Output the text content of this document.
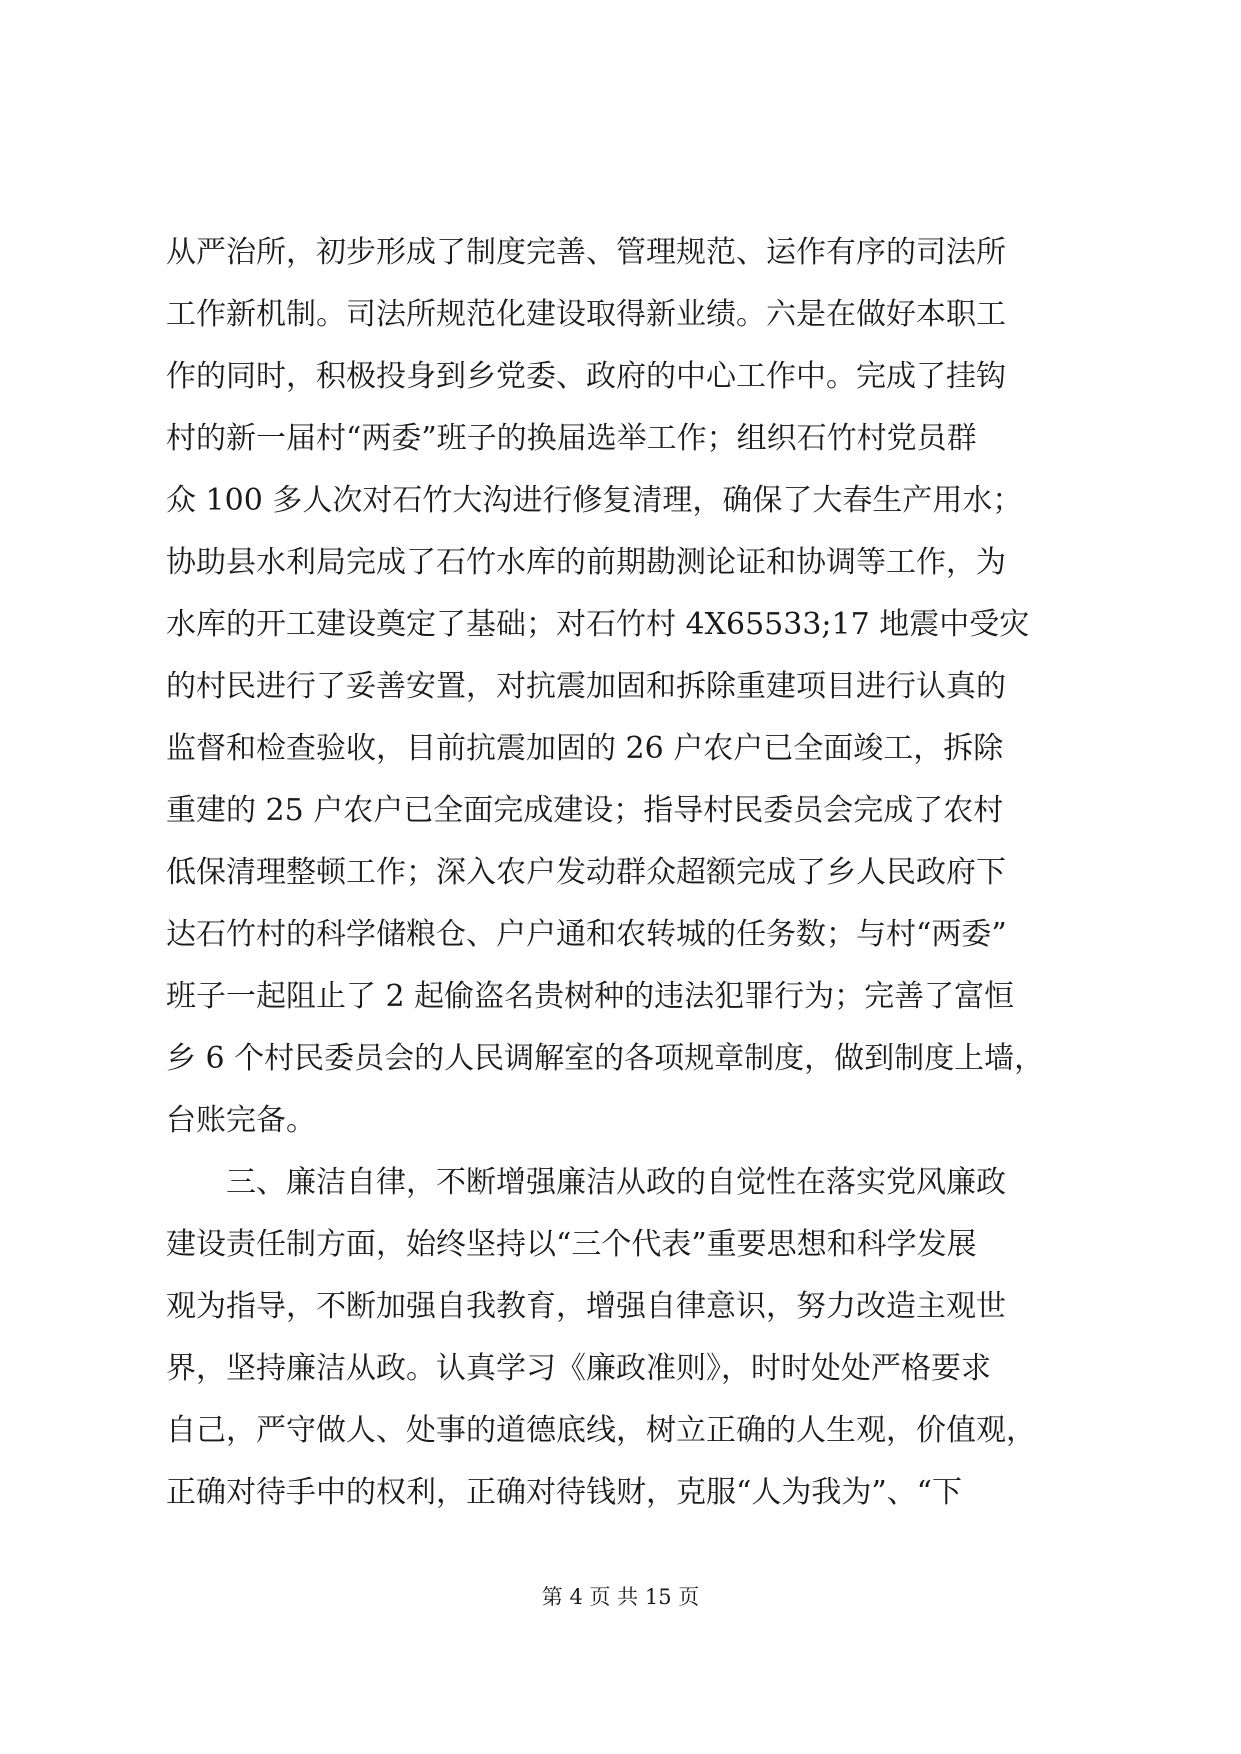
从严治所，初步形成了制度完善、管理规范、运作有序的司法所
工作新机制。司法所规范化建设取得新业绩。六是在做好本职工
作的同时，积极投身到乡党委、政府的中心工作中。完成了挂钩
村的新一届村“两委”班子的换届选举工作；组织石竹村党员群
众 100 多人次对石竹大沟进行修复清理，确保了大春生产用水；
协助县水利局完成了石竹水库的前期勘测论证和协调等工作，为
水库的开工建设奠定了基础；对石竹村 4X65533;17 地震中受灾
的村民进行了妥善安置，对抗震加固和拆除重建项目进行认真的
监督和检查验收，目前抗震加固的 26 户农户已全面竣工，拆除
重建的 25 户农户已全面完成建设；指导村民委员会完成了农村
低保清理整顿工作；深入农户发动群众超额完成了乡人民政府下
达石竹村的科学储粮仓、户户通和农转城的任务数；与村“两委”
班子一起阻止了 2 起偷盗名贵树种的违法犯罪行为；完善了富恒
乡 6 个村民委员会的人民调解室的各项规章制度，做到制度上墙，
台账完备。
三、廉洁自律，不断增强廉洁从政的自觉性在落实党风廉政
建设责任制方面，始终坚持以“三个代表”重要思想和科学发展
观为指导，不断加强自我教育，增强自律意识，努力改造主观世
界，坚持廉洁从政。认真学习《廉政准则》，时时处处严格要求
自己，严守做人、处事的道德底线，树立正确的人生观，价值观，
正确对待手中的权利，正确对待钱财，克服“人为我为”、“下
第 4 页 共 15 页
